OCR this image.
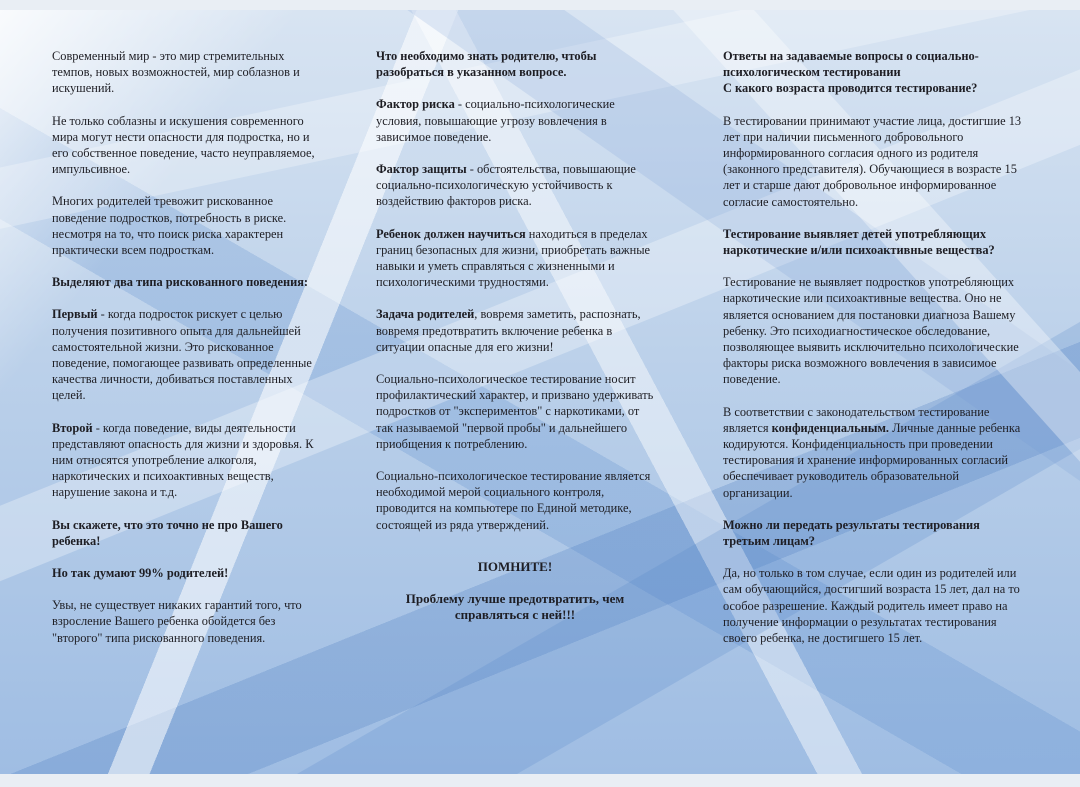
Современный мир - это мир стремительных темпов, новых возможностей, мир соблазнов и искушений.

Не только соблазны и искушения современного мира могут нести опасности для подростка, но и его собственное поведение, часто неуправляемое, импульсивное.

Многих родителей тревожит рискованное поведение подростков, потребность в риске. несмотря на то, что поиск риска характерен практически всем подросткам.

Выделяют два типа рискованного поведения:

Первый - когда подросток рискует с целью получения позитивного опыта для дальнейшей самостоятельной жизни. Это рискованное поведение, помогающее развивать определенные качества личности, добиваться поставленных целей.

Второй - когда поведение, виды деятельности представляют опасность для жизни и здоровья. К ним относятся употребление алкоголя, наркотических и психоактивных веществ, нарушение закона и т.д.

Вы скажете, что это точно не про Вашего ребенка!

Но так думают 99% родителей!

Увы, не существует никаких гарантий того, что взросление Вашего ребенка обойдется без "второго" типа рискованного поведения.

Что необходимо знать родителю, чтобы разобраться в указанном вопросе.

Фактор риска - социально-психологические условия, повышающие угрозу вовлечения в зависимое поведение.

Фактор защиты - обстоятельства, повышающие социально-психологическую устойчивость к воздействию факторов риска.

Ребенок должен научиться находиться в пределах границ безопасных для жизни, приобретать важные навыки и уметь справляться с жизненными и психологическими трудностями.

Задача родителей, вовремя заметить, распознать, вовремя предотвратить включение ребенка в ситуации опасные для его жизни!

Социально-психологическое тестирование носит профилактический характер, и призвано удерживать подростков от "экспериментов" с наркотиками, от так называемой "первой пробы" и дальнейшего приобщения к потреблению.

Социально-психологическое тестирование является необходимой мерой социального контроля, проводится на компьютере по Единой методике, состоящей из ряда утверждений.

ПОМНИТЕ!

Проблему лучше предотвратить, чем справляться с ней!!!

Ответы на задаваемые вопросы о социально-психологическом тестировании
С какого возраста проводится тестирование?

В тестировании принимают участие лица, достигшие 13 лет при наличии письменного добровольного информированного согласия одного из родителя (законного представителя). Обучающиеся в возрасте 15 лет и старше дают добровольное информированное согласие самостоятельно.

Тестирование выявляет детей употребляющих наркотические и/или психоактивные вещества?

Тестирование не выявляет подростков употребляющих наркотические или психоактивные вещества. Оно не является основанием для постановки диагноза Вашему ребенку. Это психодиагностическое обследование, позволяющее выявить исключительно психологические факторы риска возможного вовлечения в зависимое поведение.

В соответствии с законодательством тестирование является конфиденциальным. Личные данные ребенка кодируются. Конфиденциальность при проведении тестирования и хранение информированных согласий обеспечивает руководитель образовательной организации.

Можно ли передать результаты тестирования третьим лицам?

Да, но только в том случае, если один из родителей или сам обучающийся, достигший возраста 15 лет, дал на то особое разрешение. Каждый родитель имеет право на получение информации о результатах тестирования своего ребенка, не достигшего 15 лет.
